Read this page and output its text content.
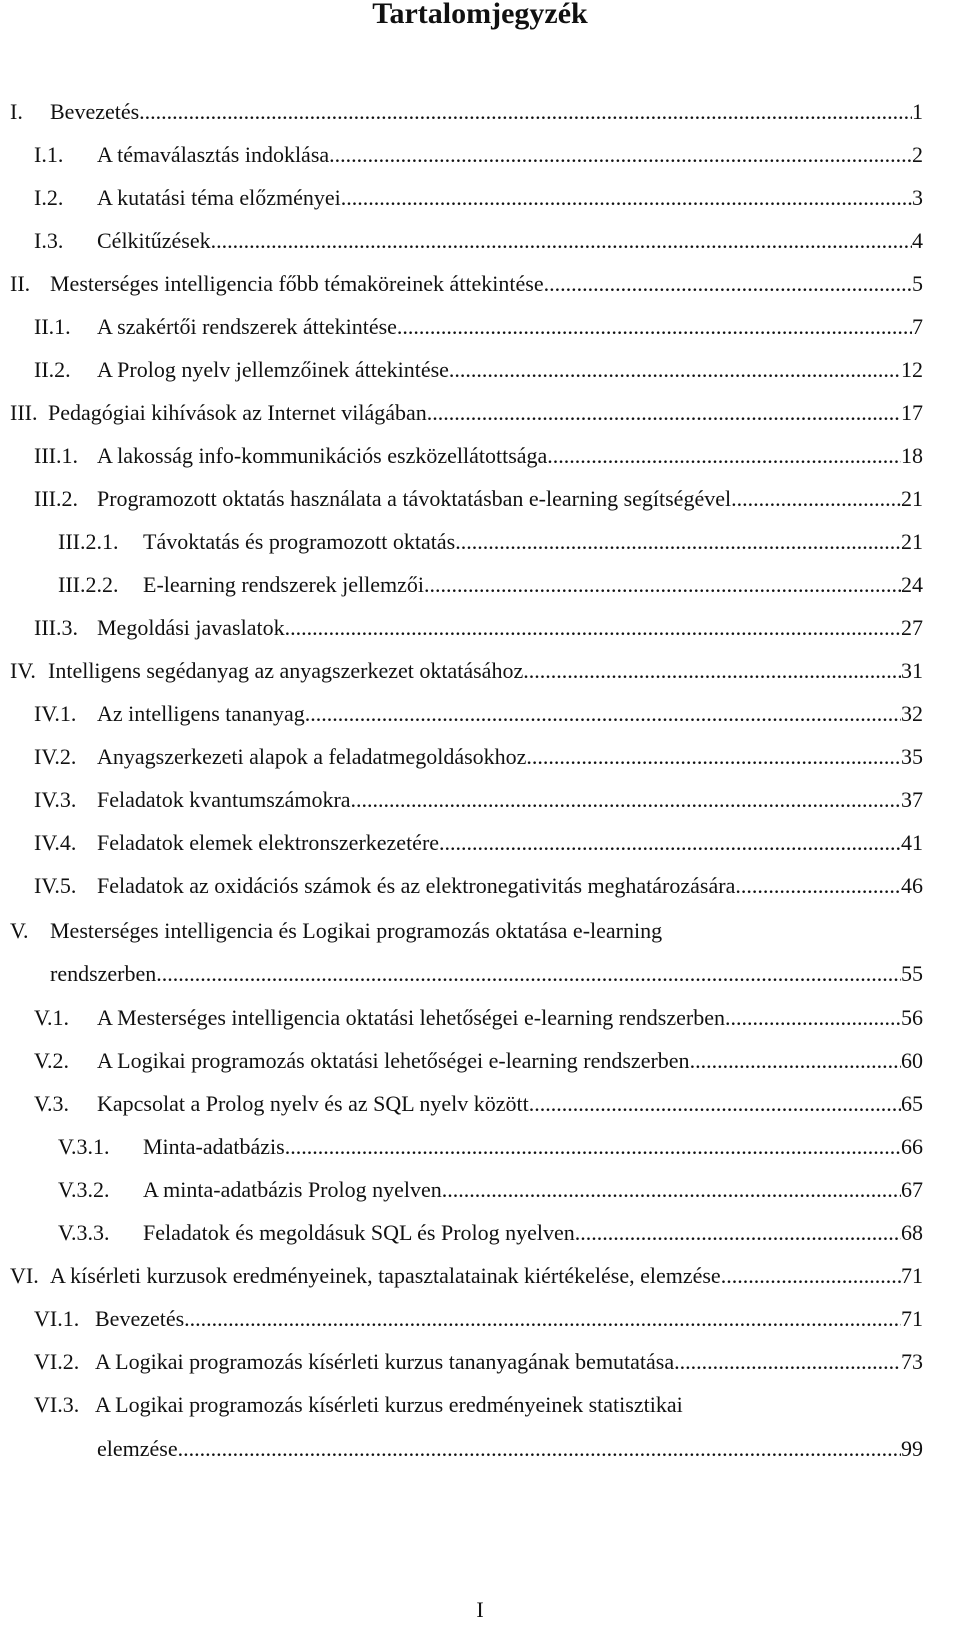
Tartalomjegyzék
I. Bevezetés .....	1
I.1. A témaválasztás indoklása .....	2
I.2. A kutatási téma előzményei .....	3
I.3. Célkitűzések .....	4
II. Mesterséges intelligencia főbb témaköreinek áttekintése .....	5
II.1. A szakértői rendszerek áttekintése .....	7
II.2. A Prolog nyelv jellemzőinek áttekintése .....	12
III. Pedagógiai kihívások az Internet világában .....	17
III.1. A lakosság info-kommunikációs eszközellátottsága .....	18
III.2. Programozott oktatás használata a távoktatásban e-learning segítségével .....	21
III.2.1. Távoktatás és programozott oktatás .....	21
III.2.2. E-learning rendszerek jellemzői .....	24
III.3. Megoldási javaslatok .....	27
IV. Intelligens segédanyag az anyagszerkezet oktatásához .....	31
IV.1. Az intelligens tananyag .....	32
IV.2. Anyagszerkezeti alapok a feladatmegoldásokhoz .....	35
IV.3. Feladatok kvantumszámokra .....	37
IV.4. Feladatok elemek elektronszerkezetére .....	41
IV.5. Feladatok az oxidációs számok és az elektronegativitás meghatározására .....	46
V. Mesterséges intelligencia és Logikai programozás oktatása e-learning
rendszerben .....	55
V.1. A Mesterséges intelligencia oktatási lehetőségei e-learning rendszerben .....	56
V.2. A Logikai programozás oktatási lehetőségei e-learning rendszerben .....	60
V.3. Kapcsolat a Prolog nyelv és az SQL nyelv között .....	65
V.3.1. Minta-adatbázis .....	66
V.3.2. A minta-adatbázis Prolog nyelven .....	67
V.3.3. Feladatok és megoldásuk SQL és Prolog nyelven .....	68
VI. A kísérleti kurzusok eredményeinek, tapasztalatainak kiértékelése, elemzése .....	71
VI.1. Bevezetés .....	71
VI.2. A Logikai programozás kísérleti kurzus tananyagának bemutatása .....	73
VI.3. A Logikai programozás kísérleti kurzus eredményeinek statisztikai
elemzése .....	99
I
